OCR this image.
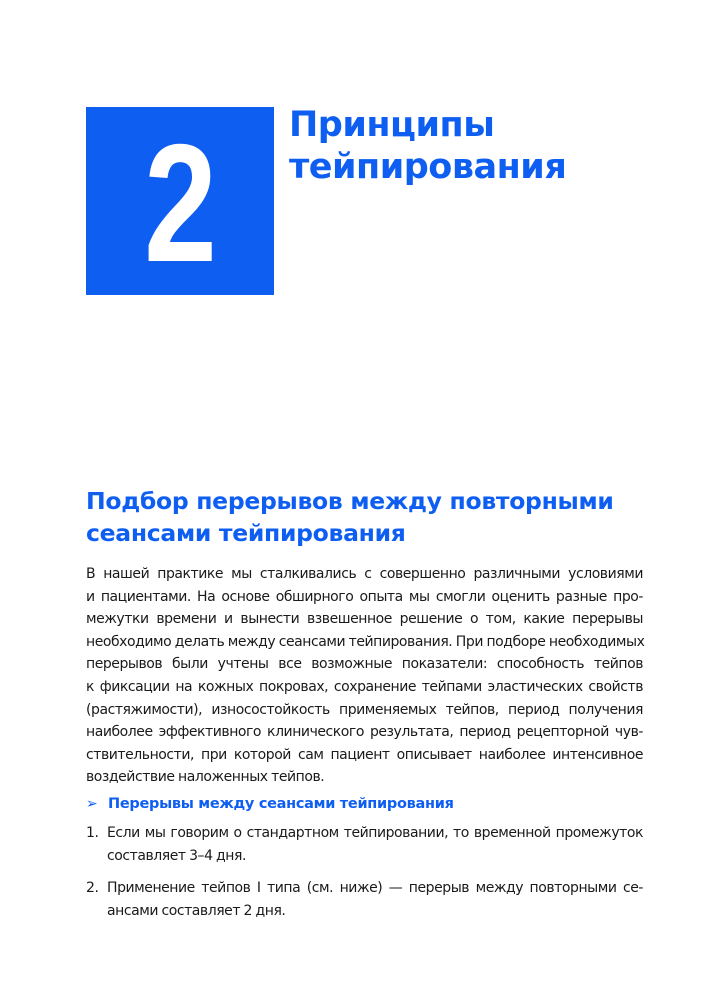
2 Принципы
тейпирования
Подбор перерывов между повторными
сеансами тейпирования

В нашей практике мы сталкивались с совершенно различными условиями
и пациентами. На основе обширного опыта мы смогли оценить разные про-
межутки времени и вынести взвешенное решение о том, какие перерывы
необходимо делать между сеансами тейпирования. При подборе необходимых
перерывов были учтены все возможные показатели: способность тейпов
к фиксации на кожных покровах, сохранение тейпами эластических свойств
(растяжимости), износостойкость применяемых тейпов, период получения
наиболее эффективного клинического результата, период рецепторной чув-
ствительности, при которой сам пациент описывает наиболее интенсивное
воздействие наложенных тейпов.

➢ Перерывы между сеансами тейпирования
1. Если мы говорим о стандартном тейпировании, то временной промежуток
составляет 3–4 дня.
2. Применение тейпов I типа (см. ниже) — перерыв между повторными се-
ансами составляет 2 дня.
